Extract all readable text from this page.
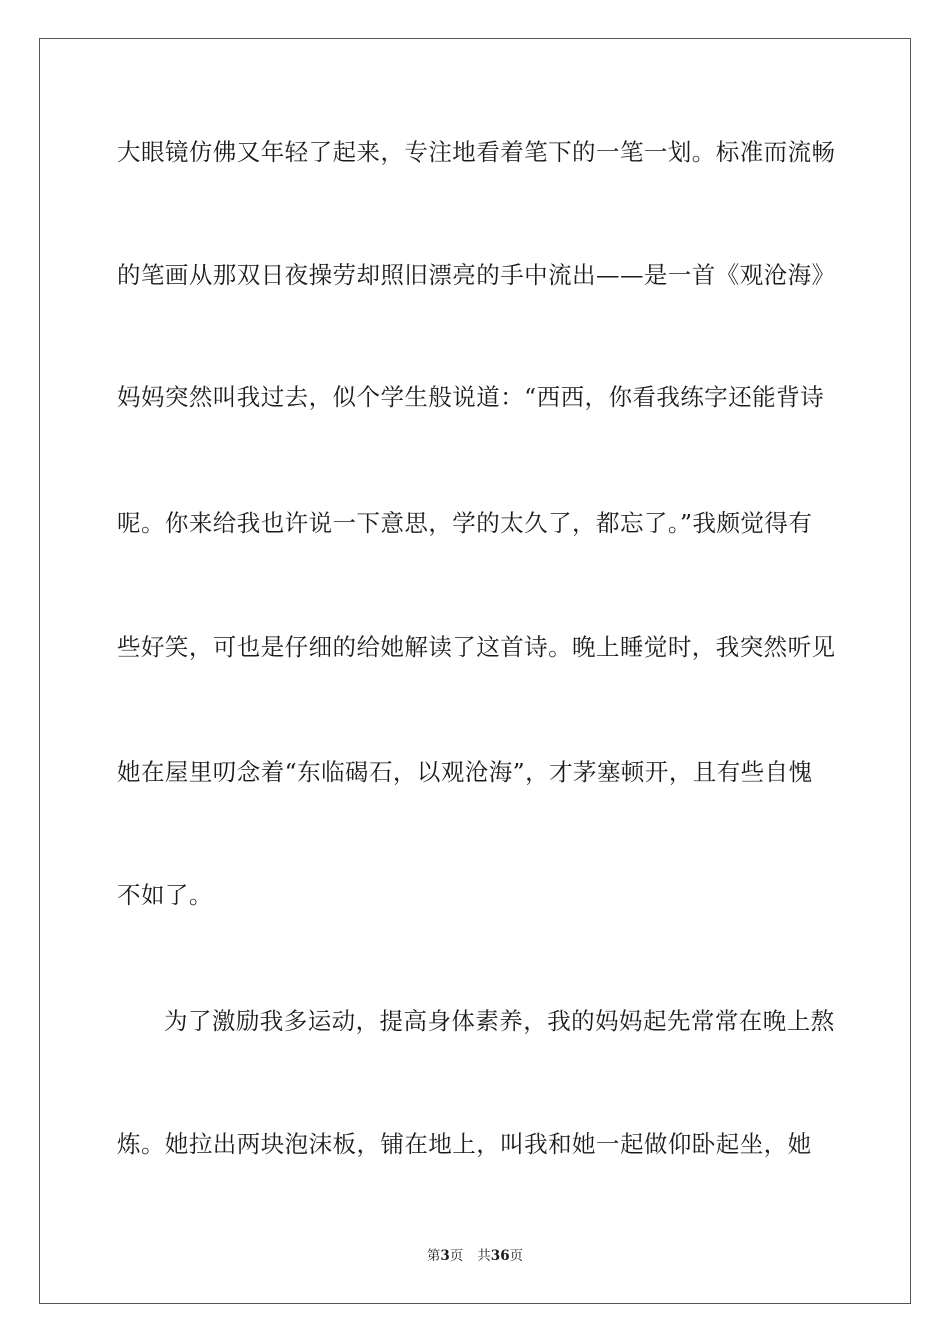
大眼镜仿佛又年轻了起来，专注地看着笔下的一笔一划。标准而流畅
的笔画从那双日夜操劳却照旧漂亮的手中流出——是一首《观沧海》
妈妈突然叫我过去，似个学生般说道：“西西，你看我练字还能背诗
呢。你来给我也许说一下意思，学的太久了，都忘了。”我颇觉得有
些好笑，可也是仔细的给她解读了这首诗。晚上睡觉时，我突然听见
她在屋里叨念着“东临碣石，以观沧海”，才茅塞顿开，且有些自愧
不如了。
为了激励我多运动，提高身体素养，我的妈妈起先常常在晚上熬
炼。她拉出两块泡沫板，铺在地上，叫我和她一起做仰卧起坐，她
第3页 共36页
